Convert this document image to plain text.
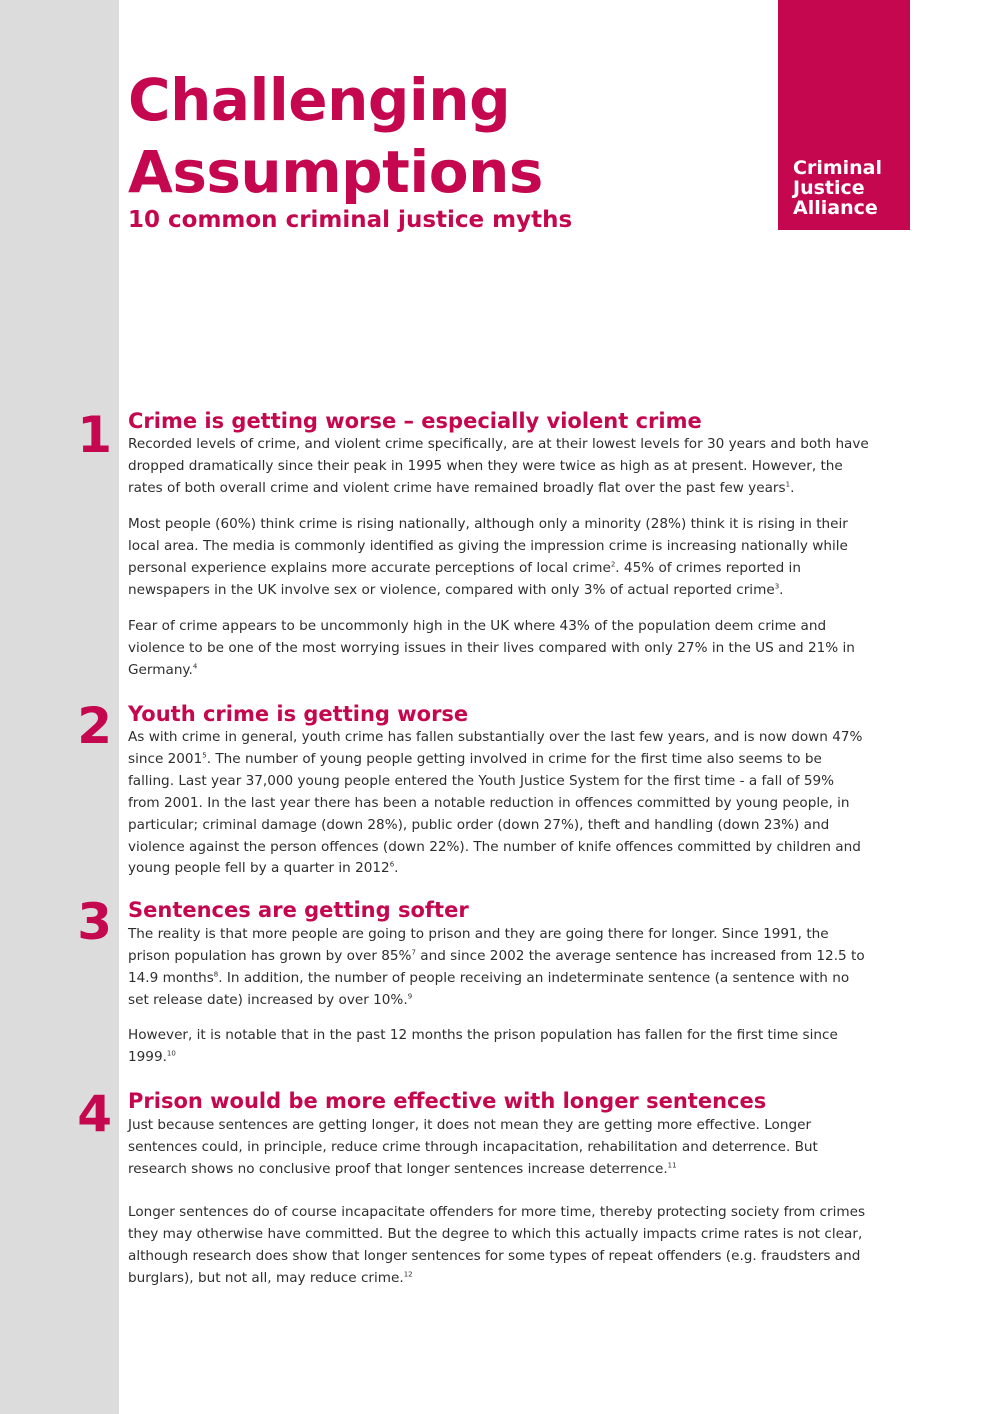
Criminal
Justice
Alliance
Challenging
Assumptions
10 common criminal justice myths
1 Crime is getting worse – especially violent crime

Recorded levels of crime, and violent crime specifically, are at their lowest levels for 30 years and both have dropped dramatically since their peak in 1995 when they were twice as high as at present. However, the rates of both overall crime and violent crime have remained broadly flat over the past few years$^1$.

Most people (60%) think crime is rising nationally, although only a minority (28%) think it is rising in their local area. The media is commonly identified as giving the impression crime is increasing nationally while personal experience explains more accurate perceptions of local crime$^2$. 45% of crimes reported in newspapers in the UK involve sex or violence, compared with only 3% of actual reported crime$^3$.

Fear of crime appears to be uncommonly high in the UK where 43% of the population deem crime and violence to be one of the most worrying issues in their lives compared with only 27% in the US and 21% in Germany.$^4$

2 Youth crime is getting worse

As with crime in general, youth crime has fallen substantially over the last few years, and is now down 47% since 2001$^5$. The number of young people getting involved in crime for the first time also seems to be falling. Last year 37,000 young people entered the Youth Justice System for the first time - a fall of 59% from 2001. In the last year there has been a notable reduction in offences committed by young people, in particular; criminal damage (down 28%), public order (down 27%), theft and handling (down 23%) and violence against the person offences (down 22%). The number of knife offences committed by children and young people fell by a quarter in 2012$^6$.

3 Sentences are getting softer

The reality is that more people are going to prison and they are going there for longer. Since 1991, the prison population has grown by over 85%$^7$ and since 2002 the average sentence has increased from 12.5 to 14.9 months$^8$. In addition, the number of people receiving an indeterminate sentence (a sentence with no set release date) increased by over 10%.$^9$

However, it is notable that in the past 12 months the prison population has fallen for the first time since 1999.10

4 Prison would be more effective with longer sentences

Just because sentences are getting longer, it does not mean they are getting more effective. Longer sentences could, in principle, reduce crime through incapacitation, rehabilitation and deterrence. But research shows no conclusive proof that longer sentences increase deterrence.$^{11}$

Longer sentences do of course incapacitate offenders for more time, thereby protecting society from crimes they may otherwise have committed. But the degree to which this actually impacts crime rates is not clear, although research does show that longer sentences for some types of repeat offenders (e.g. fraudsters and burglars), but not all, may reduce crime.$^{12}$
